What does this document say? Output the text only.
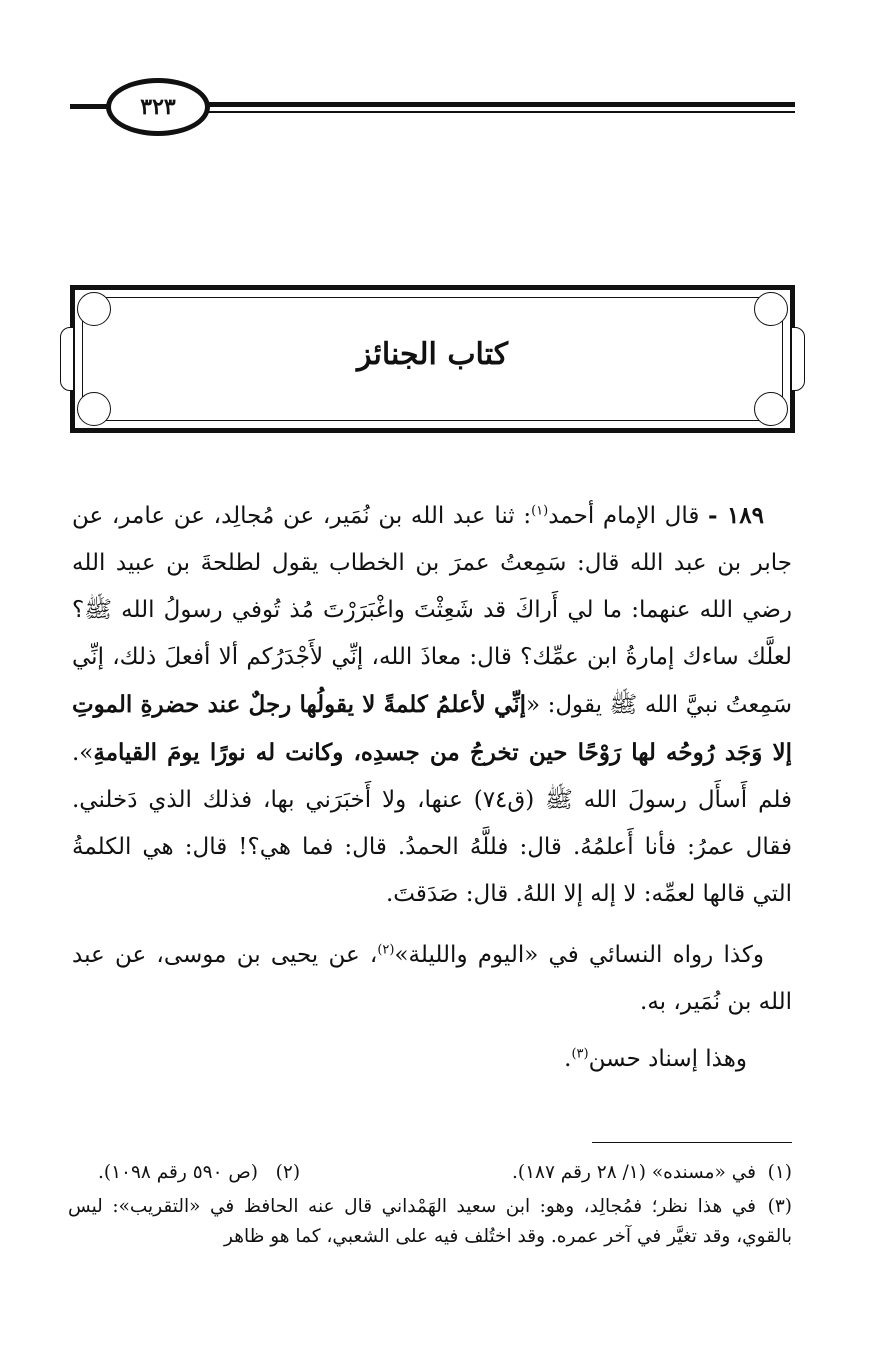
٣٢٣
كتاب الجنائز

١٨٩ - قال الإمام أحمد$^{(١)}$: ثنا عبد الله بن نُمَير، عن مُجالِد، عن عامر، عن جابر بن عبد الله قال: سَمِعتُ عمرَ بن الخطاب يقول لطلحةَ بن عبيد الله رضي الله عنهما: ما لي أَراكَ قد شَعِثْتَ واغْبَرَرْتَ مُذ تُوفي رسولُ الله ﷺ؟ لعلَّك ساءك إمارةُ ابن عمِّك؟ قال: معاذَ الله، إنِّي لأَجْدَرُكم ألا أفعلَ ذلك، إنِّي سَمِعتُ نبيَّ الله ﷺ يقول: «إنِّي لأعلمُ كلمةً لا يقولُها رجلٌ عند حضرةِ الموتِ إلا وَجَد رُوحُه لها رَوْحًا حين تخرجُ من جسدِه، وكانت له نورًا يومَ القيامةِ». فلم أَسأَل رسولَ الله ﷺ (ق٧٤) عنها، ولا أَخبَرَني بها، فذلك الذي دَخلني. فقال عمرُ: فأنا أَعلمُهُ. قال: فللَّهُ الحمدُ. قال: فما هي؟! قال: هي الكلمةُ التي قالها لعمِّه: لا إله إلا اللهُ. قال: صَدَقتَ.

وكذا رواه النسائي في «اليوم والليلة»$^{(٢)}$، عن يحيى بن موسى، عن عبد الله بن نُمَير، به.

وهذا إسناد حسن$^{(٣)}$.

(١)في «مسنده» (١/ ٢٨ رقم ١٨٧).
(٢)   (ص ٥٩٠ رقم ١٠٩٨).
(٣)في هذا نظر؛ فمُجالِد، وهو: ابن سعيد الهَمْداني قال عنه الحافظ في «التقريب»: ليس بالقوي، وقد تغيَّر في آخر عمره. وقد اختُلف فيه على الشعبي، كما هو ظاهر
